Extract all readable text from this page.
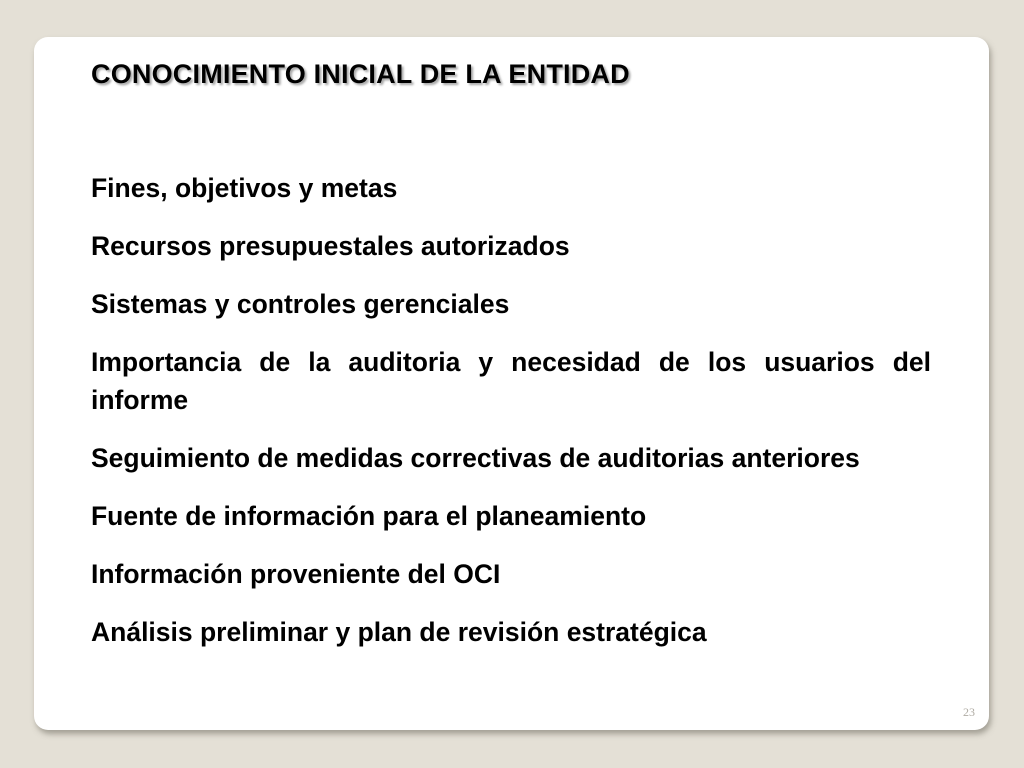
CONOCIMIENTO INICIAL DE LA ENTIDAD
Fines, objetivos y metas
Recursos presupuestales autorizados
Sistemas y controles gerenciales
Importancia de la auditoria y necesidad de los usuarios del informe
Seguimiento de medidas correctivas de auditorias anteriores
Fuente de información para el planeamiento
Información proveniente del OCI
Análisis preliminar y plan de revisión estratégica
23
